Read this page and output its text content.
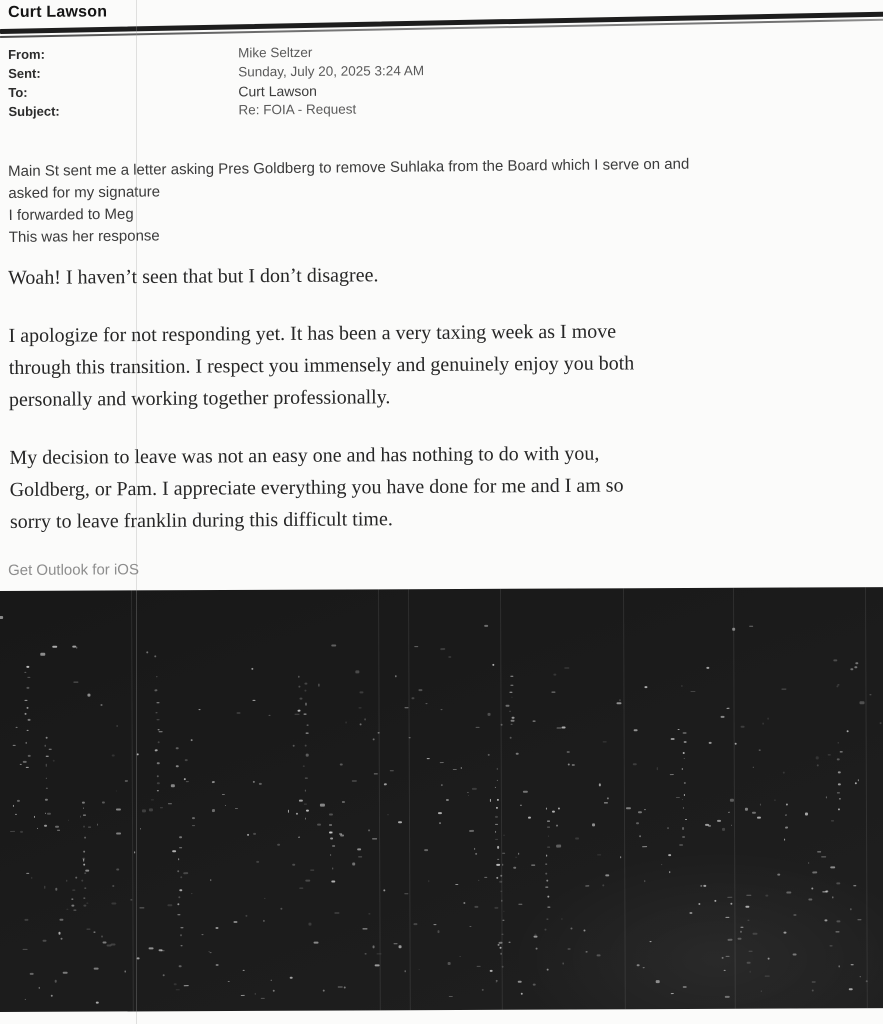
Curt Lawson
From:	Mike Seltzer
Sent:	Sunday, July 20, 2025 3:24 AM
To:	Curt Lawson
Subject:	Re: FOIA - Request
Main St sent me a letter asking Pres Goldberg to remove Suhlaka from the Board which I serve on and
asked for my signature
I forwarded to Meg
This was her response

Woah! I haven’t seen that but I don’t disagree.

I apologize for not responding yet. It has been a very taxing week as I move
through this transition. I respect you immensely and genuinely enjoy you both
personally and working together professionally.

My decision to leave was not an easy one and has nothing to do with you,
Goldberg, or Pam. I appreciate everything you have done for me and I am so
sorry to leave franklin during this difficult time.

Get Outlook for iOS
